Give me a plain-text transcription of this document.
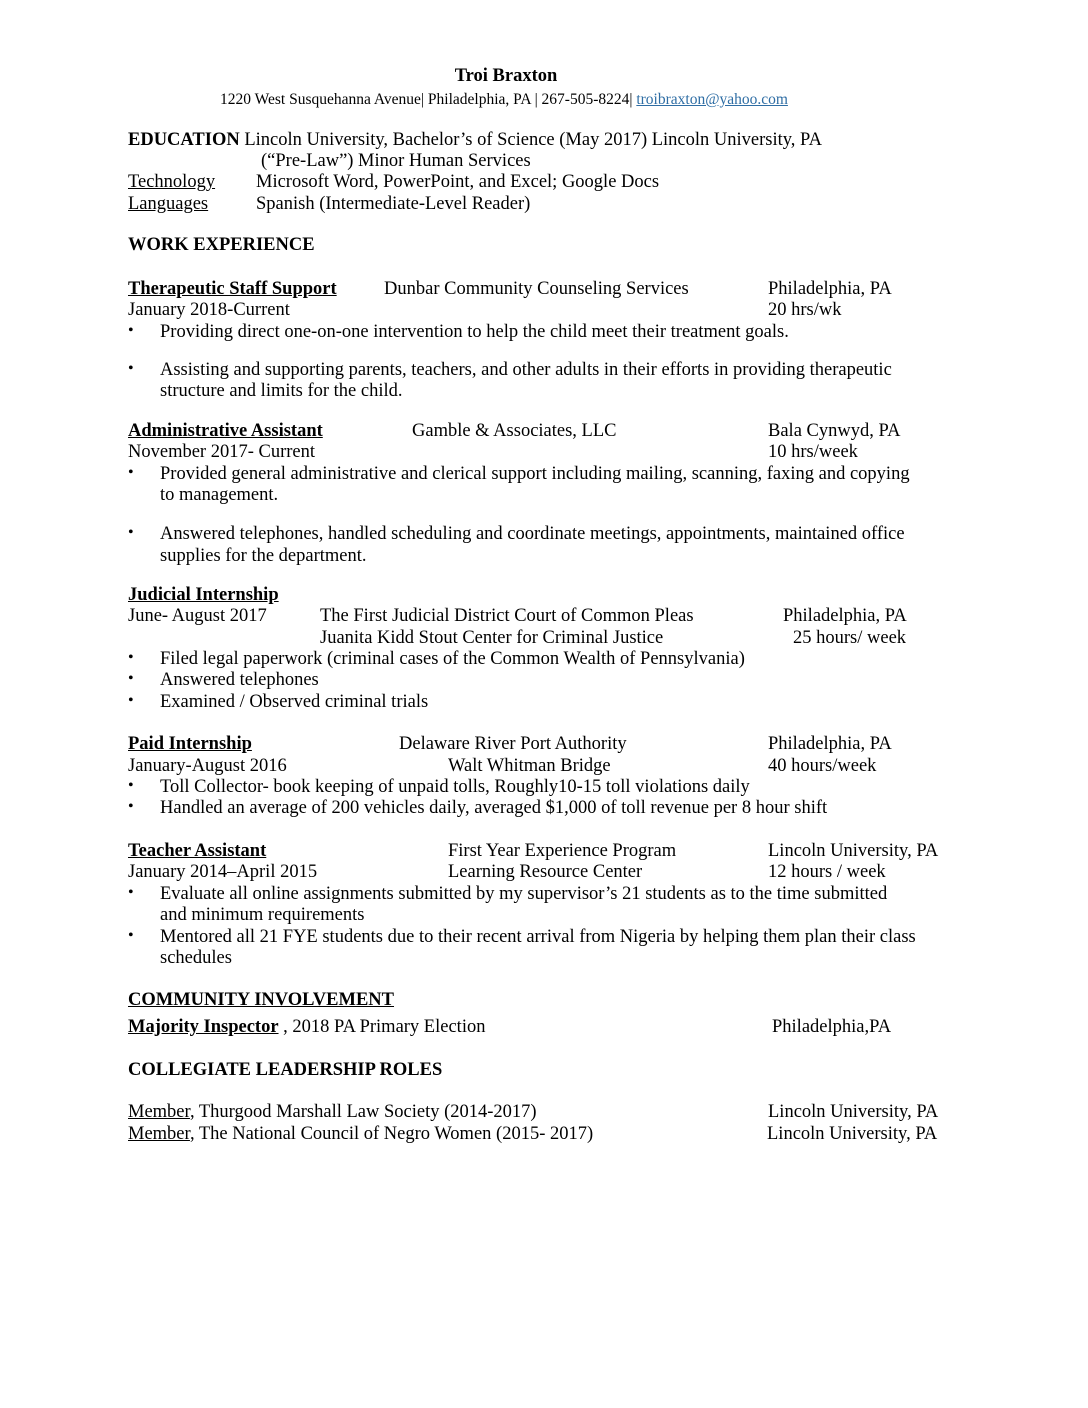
Troi Braxton
1220 West Susquehanna Avenue| Philadelphia, PA | 267-505-8224| troibraxton@yahoo.com
EDUCATION Lincoln University, Bachelor’s of Science (May 2017) Lincoln University, PA
(“Pre-Law”) Minor Human Services
Technology Microsoft Word, PowerPoint, and Excel; Google Docs
Languages	Spanish (Intermediate-Level Reader)
WORK EXPERIENCE
Therapeutic Staff Support	Dunbar Community Counseling Services	Philadelphia, PA
January 2018-Current	20 hrs/wk
• Providing direct one-on-one intervention to help the child meet their treatment goals.
• Assisting and supporting parents, teachers, and other adults in their efforts in providing therapeutic
structure and limits for the child.
Administrative Assistant	Gamble & Associates, LLC	Bala Cynwyd, PA
November 2017- Current	10 hrs/week
• Provided general administrative and clerical support including mailing, scanning, faxing and copying
to management.
• Answered telephones, handled scheduling and coordinate meetings, appointments, maintained office
supplies for the department.
Judicial Internship
June- August 2017	The First Judicial District Court of Common Pleas	Philadelphia, PA
Juanita Kidd Stout Center for Criminal Justice	25 hours/ week
• Filed legal paperwork (criminal cases of the Common Wealth of Pennsylvania)
• Answered telephones
• Examined / Observed criminal trials
Paid Internship	Delaware River Port Authority	Philadelphia, PA
January-August 2016	Walt Whitman Bridge	40 hours/week
• Toll Collector- book keeping of unpaid tolls, Roughly10-15 toll violations daily
• Handled an average of 200 vehicles daily, averaged $1,000 of toll revenue per 8 hour shift
Teacher Assistant	First Year Experience Program	Lincoln University, PA
January 2014–April 2015	Learning Resource Center	12 hours / week
• Evaluate all online assignments submitted by my supervisor’s 21 students as to the time submitted
and minimum requirements
• Mentored all 21 FYE students due to their recent arrival from Nigeria by helping them plan their class
schedules
COMMUNITY INVOLVEMENT
Majority Inspector , 2018 PA Primary Election	Philadelphia,PA
COLLEGIATE LEADERSHIP ROLES
Member, Thurgood Marshall Law Society (2014-2017)	Lincoln University, PA
Member, The National Council of Negro Women (2015- 2017)	Lincoln University, PA
